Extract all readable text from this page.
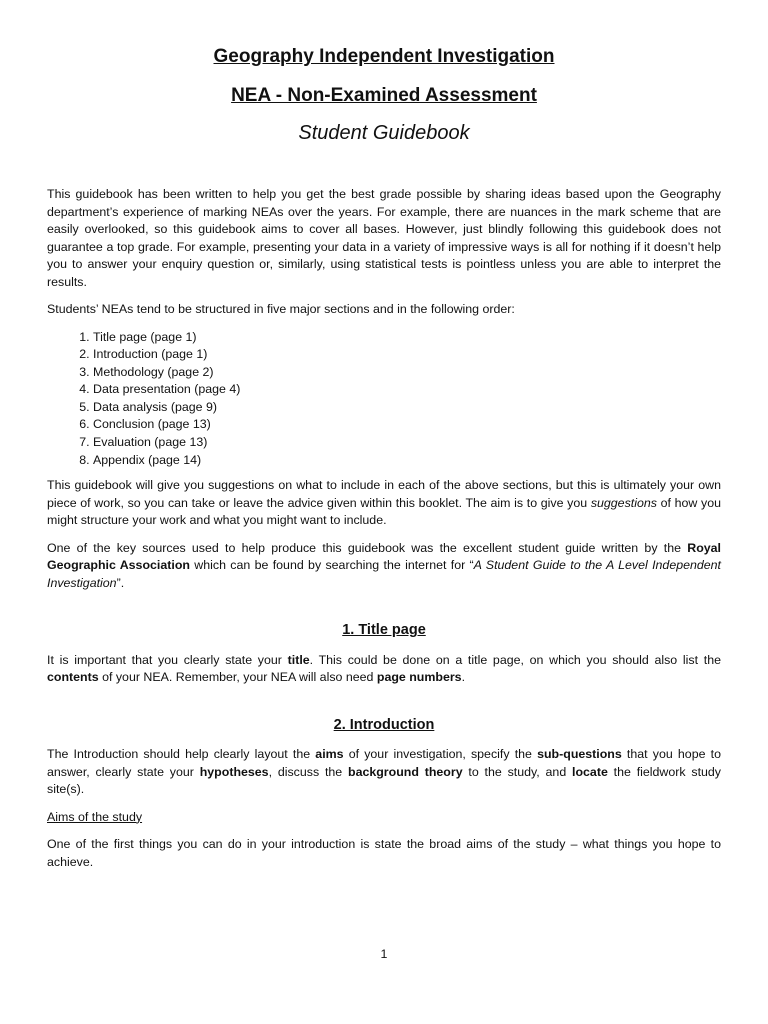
Geography Independent Investigation
NEA - Non-Examined Assessment
Student Guidebook

This guidebook has been written to help you get the best grade possible by sharing ideas based upon the Geography department’s experience of marking NEAs over the years. For example, there are nuances in the mark scheme that are easily overlooked, so this guidebook aims to cover all bases. However, just blindly following this guidebook does not guarantee a top grade. For example, presenting your data in a variety of impressive ways is all for nothing if it doesn’t help you to answer your enquiry question or, similarly, using statistical tests is pointless unless you are able to interpret the results.

Students’ NEAs tend to be structured in five major sections and in the following order:

1. Title page (page 1)
2. Introduction (page 1)
3. Methodology (page 2)
4. Data presentation (page 4)
5. Data analysis (page 9)
6. Conclusion (page 13)
7. Evaluation (page 13)
8. Appendix (page 14)

This guidebook will give you suggestions on what to include in each of the above sections, but this is ultimately your own piece of work, so you can take or leave the advice given within this booklet. The aim is to give you suggestions of how you might structure your work and what you might want to include.

One of the key sources used to help produce this guidebook was the excellent student guide written by the Royal Geographic Association which can be found by searching the internet for “A Student Guide to the A Level Independent Investigation”.

1. Title page

It is important that you clearly state your title. This could be done on a title page, on which you should also list the contents of your NEA. Remember, your NEA will also need page numbers.

2. Introduction

The Introduction should help clearly layout the aims of your investigation, specify the sub-questions that you hope to answer, clearly state your hypotheses, discuss the background theory to the study, and locate the fieldwork study site(s).

Aims of the study

One of the first things you can do in your introduction is state the broad aims of the study – what things you hope to achieve.

1
